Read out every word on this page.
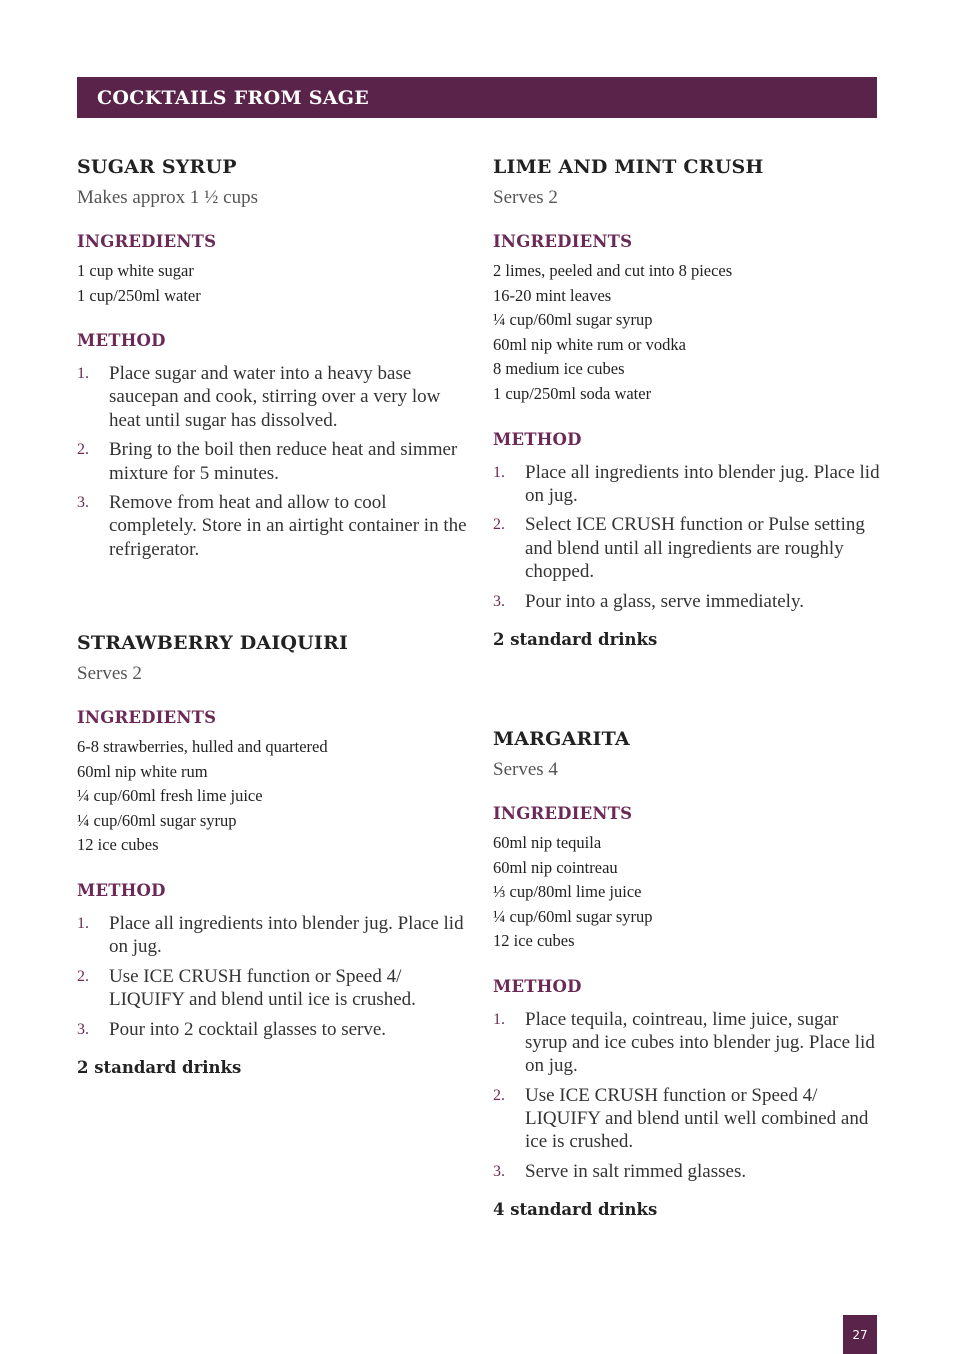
COCKTAILS FROM SAGE
SUGAR SYRUP
Makes approx 1 ½ cups
INGREDIENTS
1 cup white sugar
1 cup/250ml water
METHOD
1. Place sugar and water into a heavy base saucepan and cook, stirring over a very low heat until sugar has dissolved.
2. Bring to the boil then reduce heat and simmer mixture for 5 minutes.
3. Remove from heat and allow to cool completely. Store in an airtight container in the refrigerator.
LIME AND MINT CRUSH
Serves 2
INGREDIENTS
2 limes, peeled and cut into 8 pieces
16-20 mint leaves
¼ cup/60ml sugar syrup
60ml nip white rum or vodka
8 medium ice cubes
1 cup/250ml soda water
METHOD
1. Place all ingredients into blender jug. Place lid on jug.
2. Select ICE CRUSH function or Pulse setting and blend until all ingredients are roughly chopped.
3. Pour into a glass, serve immediately.
2 standard drinks
STRAWBERRY DAIQUIRI
Serves 2
INGREDIENTS
6-8 strawberries, hulled and quartered
60ml nip white rum
¼ cup/60ml fresh lime juice
¼ cup/60ml sugar syrup
12 ice cubes
METHOD
1. Place all ingredients into blender jug. Place lid on jug.
2. Use ICE CRUSH function or Speed 4/ LIQUIFY and blend until ice is crushed.
3. Pour into 2 cocktail glasses to serve.
2 standard drinks
MARGARITA
Serves 4
INGREDIENTS
60ml nip tequila
60ml nip cointreau
⅓ cup/80ml lime juice
¼ cup/60ml sugar syrup
12 ice cubes
METHOD
1. Place tequila, cointreau, lime juice, sugar syrup and ice cubes into blender jug. Place lid on jug.
2. Use ICE CRUSH function or Speed 4/ LIQUIFY and blend until well combined and ice is crushed.
3. Serve in salt rimmed glasses.
4 standard drinks
27
